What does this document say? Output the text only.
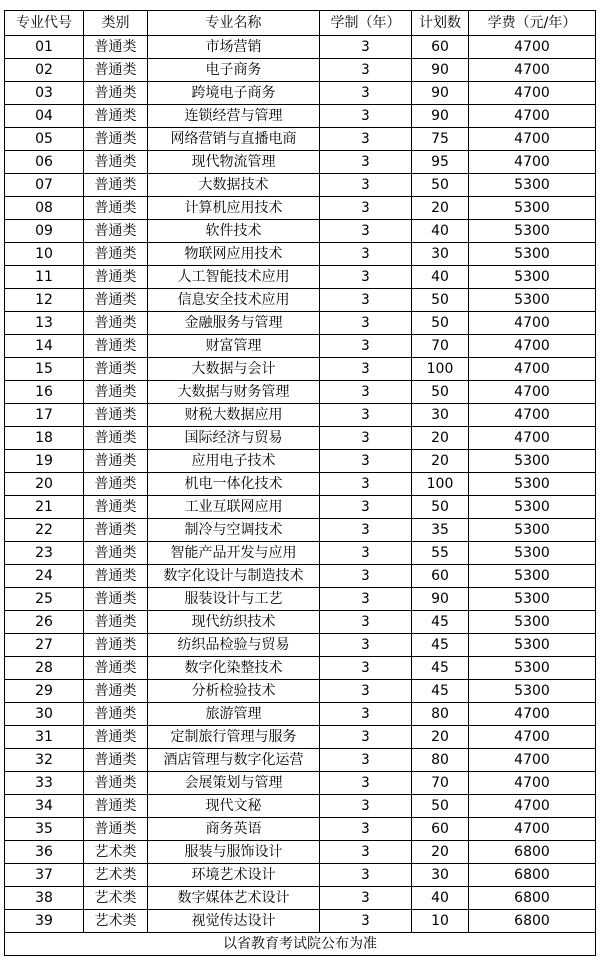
专业代号	类别	专业名称	学制（年）	计划数	学费（元/年）
01	普通类	市场营销	3	60	4700
02	普通类	电子商务	3	90	4700
03	普通类	跨境电子商务	3	90	4700
04	普通类	连锁经营与管理	3	90	4700
05	普通类	网络营销与直播电商	3	75	4700
06	普通类	现代物流管理	3	95	4700
07	普通类	大数据技术	3	50	5300
08	普通类	计算机应用技术	3	20	5300
09	普通类	软件技术	3	40	5300
10	普通类	物联网应用技术	3	30	5300
11	普通类	人工智能技术应用	3	40	5300
12	普通类	信息安全技术应用	3	50	5300
13	普通类	金融服务与管理	3	50	4700
14	普通类	财富管理	3	70	4700
15	普通类	大数据与会计	3	100	4700
16	普通类	大数据与财务管理	3	50	4700
17	普通类	财税大数据应用	3	30	4700
18	普通类	国际经济与贸易	3	20	4700
19	普通类	应用电子技术	3	20	5300
20	普通类	机电一体化技术	3	100	5300
21	普通类	工业互联网应用	3	50	5300
22	普通类	制冷与空调技术	3	35	5300
23	普通类	智能产品开发与应用	3	55	5300
24	普通类	数字化设计与制造技术	3	60	5300
25	普通类	服装设计与工艺	3	90	5300
26	普通类	现代纺织技术	3	45	5300
27	普通类	纺织品检验与贸易	3	45	5300
28	普通类	数字化染整技术	3	45	5300
29	普通类	分析检验技术	3	45	5300
30	普通类	旅游管理	3	80	4700
31	普通类	定制旅行管理与服务	3	20	4700
32	普通类	酒店管理与数字化运营	3	80	4700
33	普通类	会展策划与管理	3	70	4700
34	普通类	现代文秘	3	50	4700
35	普通类	商务英语	3	60	4700
36	艺术类	服装与服饰设计	3	20	6800
37	艺术类	环境艺术设计	3	30	6800
38	艺术类	数字媒体艺术设计	3	40	6800
39	艺术类	视觉传达设计	3	10	6800
以省教育考试院公布为准					
